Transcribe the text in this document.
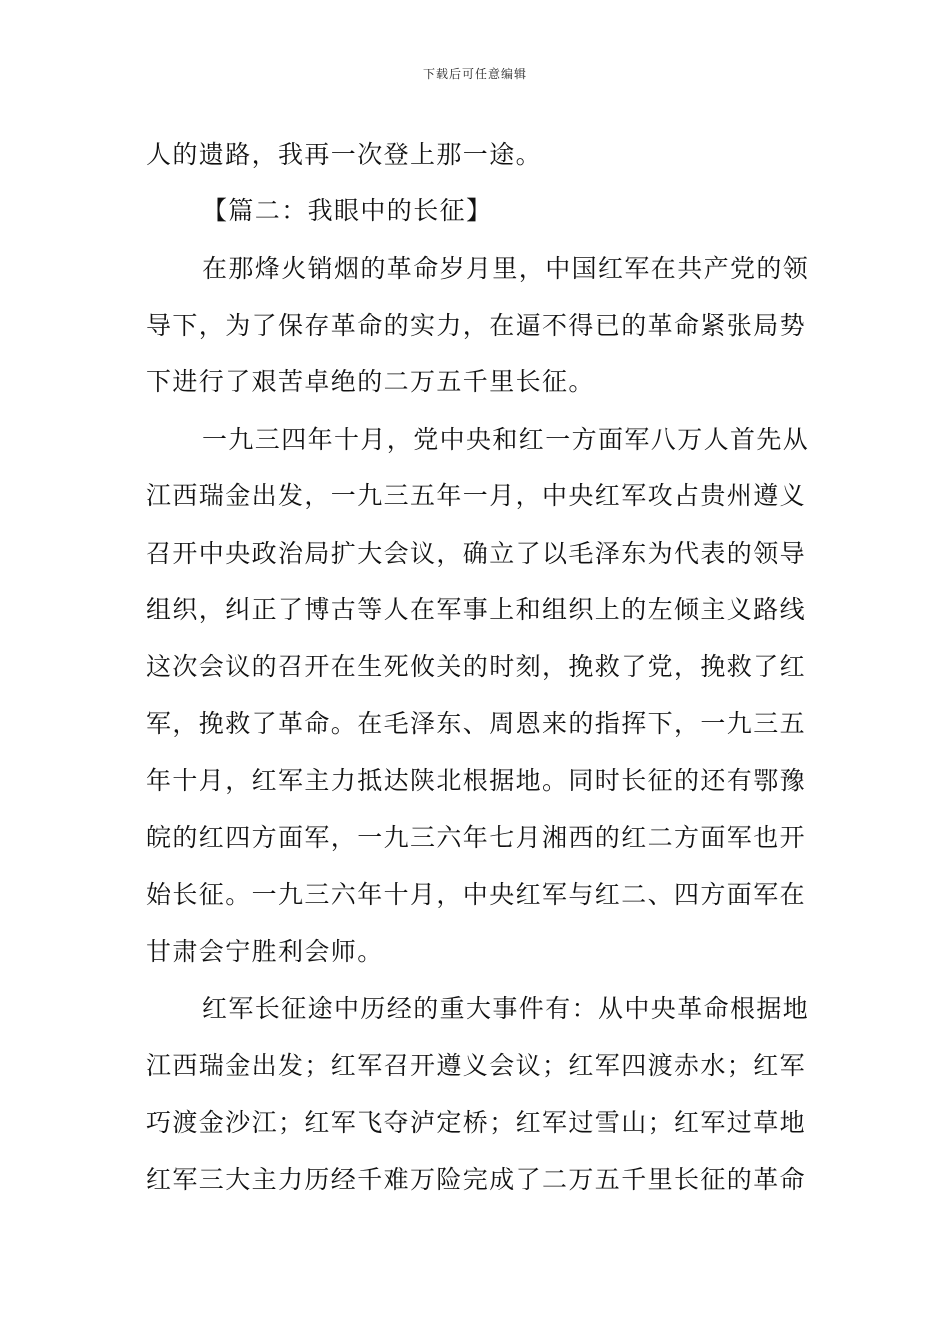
下载后可任意编辑
人的遗路，我再一次登上那一途。
【篇二：我眼中的长征】
在那烽火销烟的革命岁月里，中国红军在共产党的领
导下，为了保存革命的实力，在逼不得已的革命紧张局势
下进行了艰苦卓绝的二万五千里长征。
一九三四年十月，党中央和红一方面军八万人首先从
江西瑞金出发，一九三五年一月，中央红军攻占贵州遵义
召开中央政治局扩大会议，确立了以毛泽东为代表的领导
组织，纠正了博古等人在军事上和组织上的左倾主义路线
这次会议的召开在生死攸关的时刻，挽救了党，挽救了红
军，挽救了革命。在毛泽东、周恩来的指挥下，一九三五
年十月，红军主力抵达陕北根据地。同时长征的还有鄂豫
皖的红四方面军，一九三六年七月湘西的红二方面军也开
始长征。一九三六年十月，中央红军与红二、四方面军在
甘肃会宁胜利会师。
红军长征途中历经的重大事件有：从中央革命根据地
江西瑞金出发；红军召开遵义会议；红军四渡赤水；红军
巧渡金沙江；红军飞夺泸定桥；红军过雪山；红军过草地
红军三大主力历经千难万险完成了二万五千里长征的革命
